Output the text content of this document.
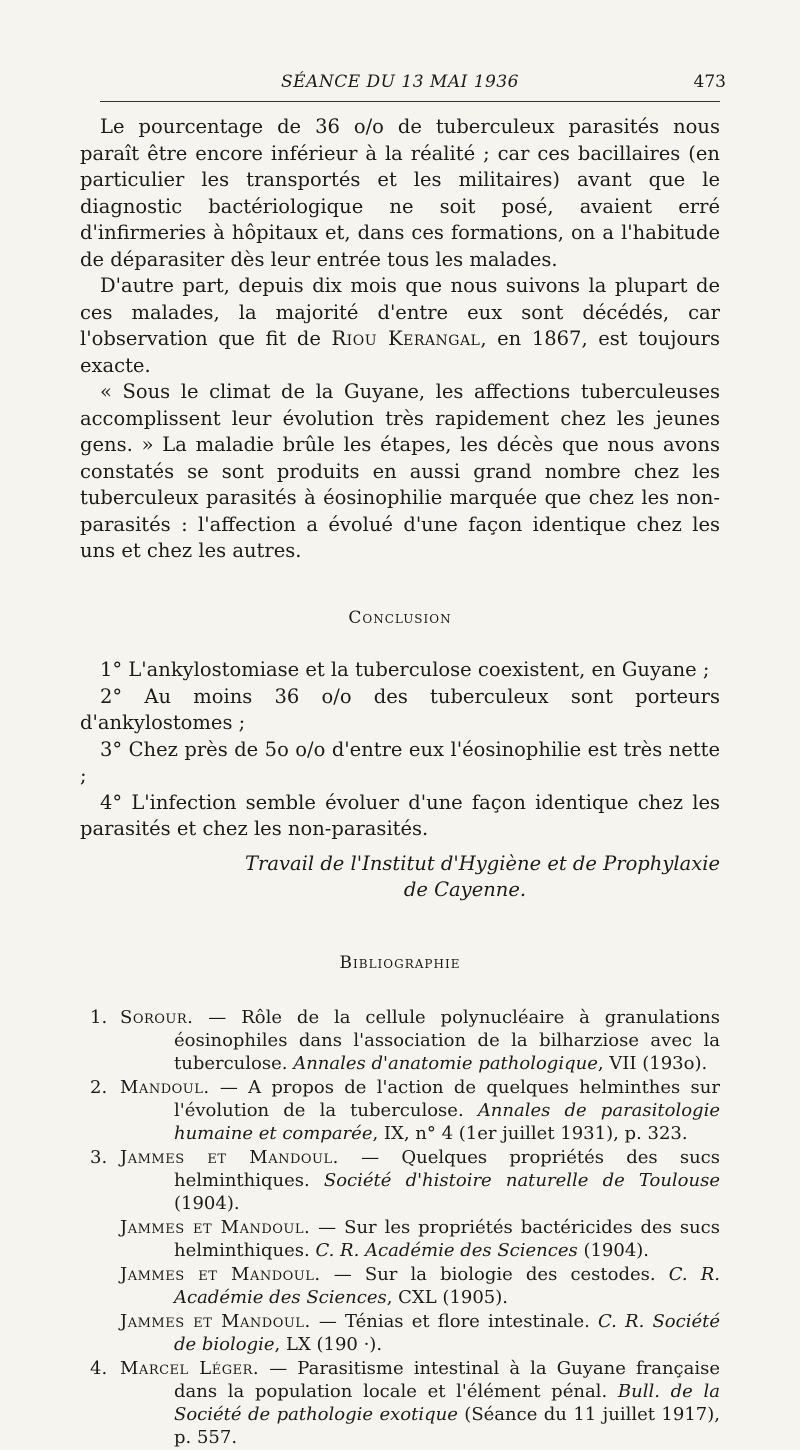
SÉANCE DU 13 MAI 1936	473

Le pourcentage de 36 o/o de tuberculeux parasités nous paraît être encore inférieur à la réalité ; car ces bacillaires (en particulier les transportés et les militaires) avant que le diagnostic bactériologique ne soit posé, avaient erré d'infirmeries à hôpitaux et, dans ces formations, on a l'habitude de déparasiter dès leur entrée tous les malades.

D'autre part, depuis dix mois que nous suivons la plupart de ces malades, la majorité d'entre eux sont décédés, car l'observation que fit de Riou Kerangal, en 1867, est toujours exacte.

« Sous le climat de la Guyane, les affections tuberculeuses accomplissent leur évolution très rapidement chez les jeunes gens. » La maladie brûle les étapes, les décès que nous avons constatés se sont produits en aussi grand nombre chez les tuberculeux parasités à éosinophilie marquée que chez les non-parasités : l'affection a évolué d'une façon identique chez les uns et chez les autres.

Conclusion

1° L'ankylostomiase et la tuberculose coexistent, en Guyane ;

2° Au moins 36 o/o des tuberculeux sont porteurs d'ankylostomes ;

3° Chez près de 5o o/o d'entre eux l'éosinophilie est très nette ;

4° L'infection semble évoluer d'une façon identique chez les parasités et chez les non-parasités.

Travail de l'Institut d'Hygiène et de Prophylaxie
de Cayenne.
Bibliographie
1. Sorour. — Rôle de la cellule polynucléaire à granulations éosinophiles dans l'association de la bilharziose avec la tuberculose. Annales d'anatomie pathologique, VII (193o).
2. Mandoul. — A propos de l'action de quelques helminthes sur l'évolution de la tuberculose. Annales de parasitologie humaine et comparée, IX, n° 4 (1er juillet 1931), p. 323.
3. Jammes et Mandoul. — Quelques propriétés des sucs helminthiques. Société d'histoire naturelle de Toulouse (1904).
Jammes et Mandoul. — Sur les propriétés bactéricides des sucs helminthiques. C. R. Académie des Sciences (1904).
Jammes et Mandoul. — Sur la biologie des cestodes. C. R. Académie des Sciences, CXL (1905).
Jammes et Mandoul. — Ténias et flore intestinale. C. R. Société de biologie, LX (190 ·).
4. Marcel Léger. — Parasitisme intestinal à la Guyane française dans la population locale et l'élément pénal. Bull. de la Société de pathologie exotique (Séance du 11 juillet 1917), p. 557.
